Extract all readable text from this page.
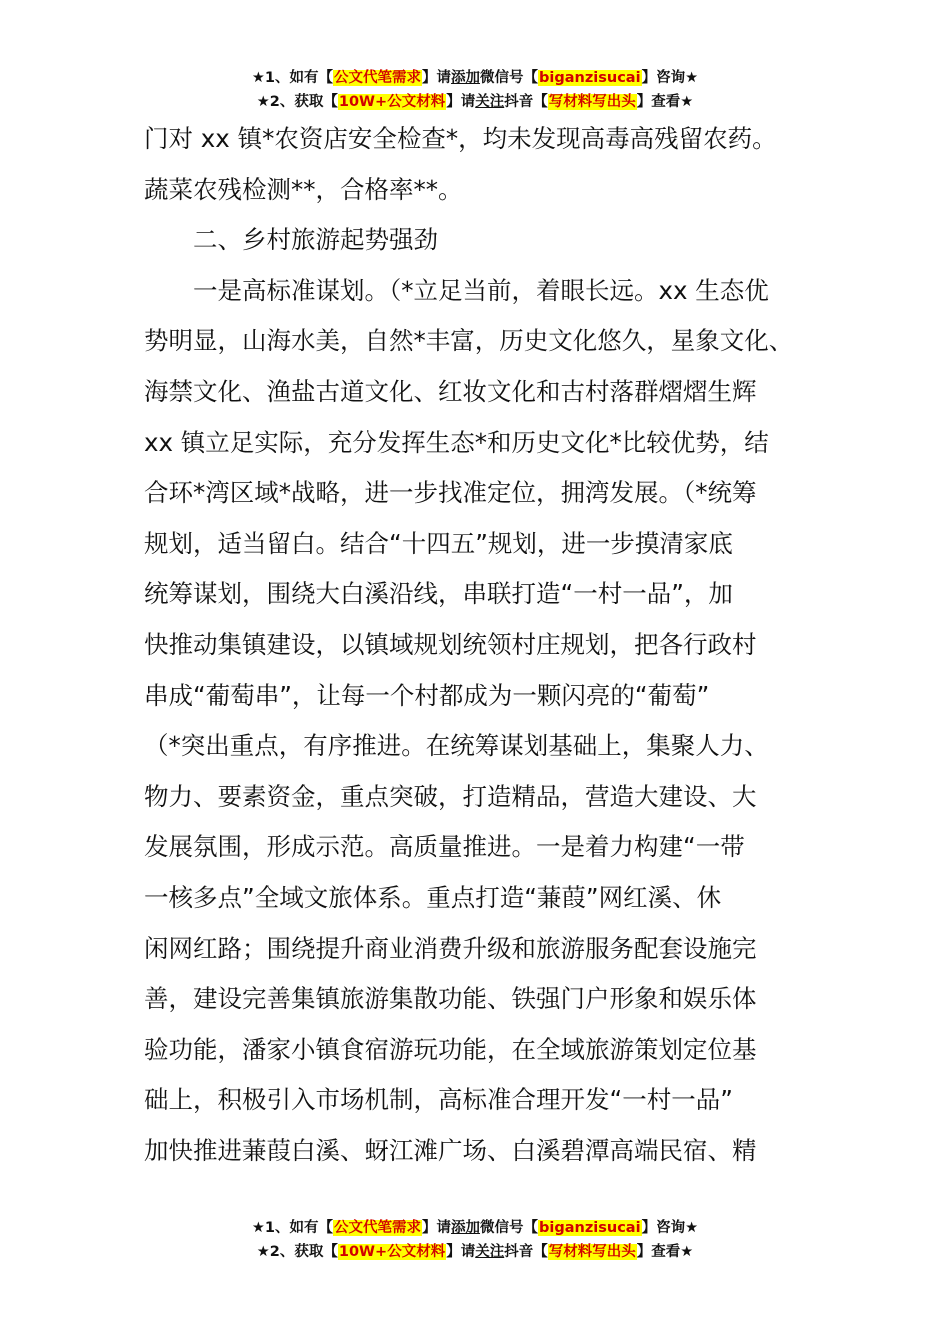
★1、如有【公文代笔需求】请添加微信号【biganzisucai】咨询★
★2、获取【10W+公文材料】请关注抖音【写材料写出头】查看★
门对 xx 镇*农资店安全检查*，均未发现高毒高残留农药。
蔬菜农残检测**，合格率**。
二、乡村旅游起势强劲
一是高标准谋划。（*立足当前，着眼长远。xx 生态优
势明显，山海水美，自然*丰富，历史文化悠久，星象文化、
海禁文化、渔盐古道文化、红妆文化和古村落群熠熠生辉
xx 镇立足实际，充分发挥生态*和历史文化*比较优势，结
合环*湾区域*战略，进一步找准定位，拥湾发展。（*统筹
规划，适当留白。结合“十四五”规划，进一步摸清家底
统筹谋划，围绕大白溪沿线，串联打造“一村一品”，加
快推动集镇建设，以镇域规划统领村庄规划，把各行政村
串成“葡萄串”，让每一个村都成为一颗闪亮的“葡萄”
（*突出重点，有序推进。在统筹谋划基础上，集聚人力、
物力、要素资金，重点突破，打造精品，营造大建设、大
发展氛围，形成示范。高质量推进。一是着力构建“一带
一核多点”全域文旅体系。重点打造“蒹葭”网红溪、休
闲网红路；围绕提升商业消费升级和旅游服务配套设施完
善，建设完善集镇旅游集散功能、铁强门户形象和娱乐体
验功能，潘家小镇食宿游玩功能，在全域旅游策划定位基
础上，积极引入市场机制，高标准合理开发“一村一品”
加快推进蒹葭白溪、蚜江滩广场、白溪碧潭高端民宿、精
★1、如有【公文代笔需求】请添加微信号【biganzisucai】咨询★
★2、获取【10W+公文材料】请关注抖音【写材料写出头】查看★
